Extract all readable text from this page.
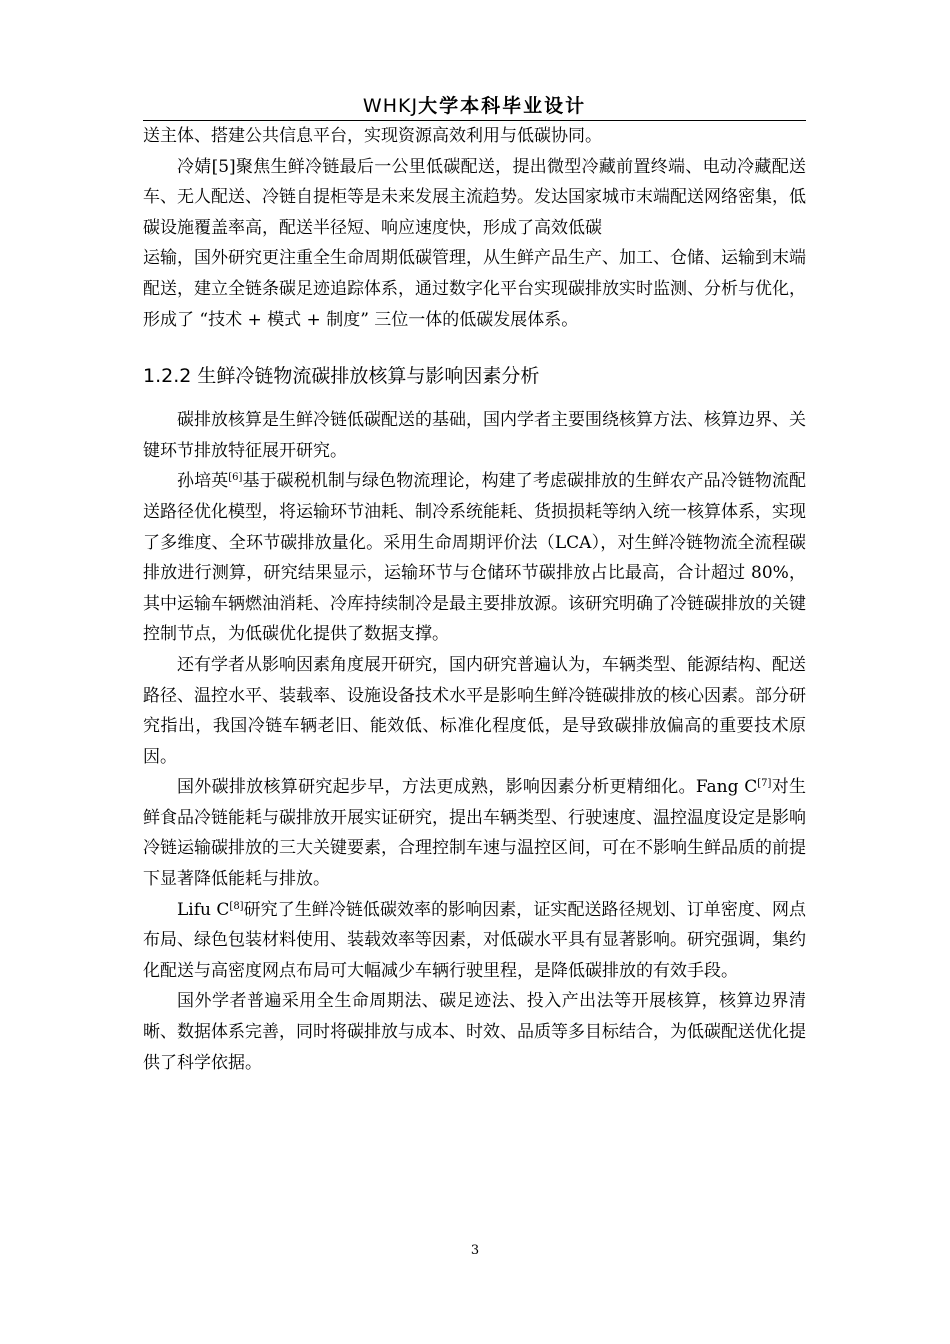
WHKJ大学本科毕业设计

送主体、搭建公共信息平台，实现资源高效利用与低碳协同。

冷婧[5]聚焦生鲜冷链最后一公里低碳配送，提出微型冷藏前置终端、电动冷藏配送车、无人配送、冷链自提柜等是未来发展主流趋势。发达国家城市末端配送网络密集，低碳设施覆盖率高，配送半径短、响应速度快，形成了高效低碳

运输，国外研究更注重全生命周期低碳管理，从生鲜产品生产、加工、仓储、运输到末端配送，建立全链条碳足迹追踪体系，通过数字化平台实现碳排放实时监测、分析与优化，形成了 “技术 + 模式 + 制度” 三位一体的低碳发展体系。

1.2.2 生鲜冷链物流碳排放核算与影响因素分析

碳排放核算是生鲜冷链低碳配送的基础，国内学者主要围绕核算方法、核算边界、关键环节排放特征展开研究。

孙培英[6]基于碳税机制与绿色物流理论，构建了考虑碳排放的生鲜农产品冷链物流配送路径优化模型，将运输环节油耗、制冷系统能耗、货损损耗等纳入统一核算体系，实现了多维度、全环节碳排放量化。采用生命周期评价法（LCA），对生鲜冷链物流全流程碳排放进行测算，研究结果显示，运输环节与仓储环节碳排放占比最高，合计超过 80%，其中运输车辆燃油消耗、冷库持续制冷是最主要排放源。该研究明确了冷链碳排放的关键控制节点，为低碳优化提供了数据支撑。

还有学者从影响因素角度展开研究，国内研究普遍认为，车辆类型、能源结构、配送路径、温控水平、装载率、设施设备技术水平是影响生鲜冷链碳排放的核心因素。部分研究指出，我国冷链车辆老旧、能效低、标准化程度低，是导致碳排放偏高的重要技术原因。

国外碳排放核算研究起步早，方法更成熟，影响因素分析更精细化。Fang C[7]对生鲜食品冷链能耗与碳排放开展实证研究，提出车辆类型、行驶速度、温控温度设定是影响冷链运输碳排放的三大关键要素，合理控制车速与温控区间，可在不影响生鲜品质的前提下显著降低能耗与排放。

Lifu C[8]研究了生鲜冷链低碳效率的影响因素，证实配送路径规划、订单密度、网点布局、绿色包装材料使用、装载效率等因素，对低碳水平具有显著影响。研究强调，集约化配送与高密度网点布局可大幅减少车辆行驶里程，是降低碳排放的有效手段。

国外学者普遍采用全生命周期法、碳足迹法、投入产出法等开展核算，核算边界清晰、数据体系完善，同时将碳排放与成本、时效、品质等多目标结合，为低碳配送优化提供了科学依据。

3
